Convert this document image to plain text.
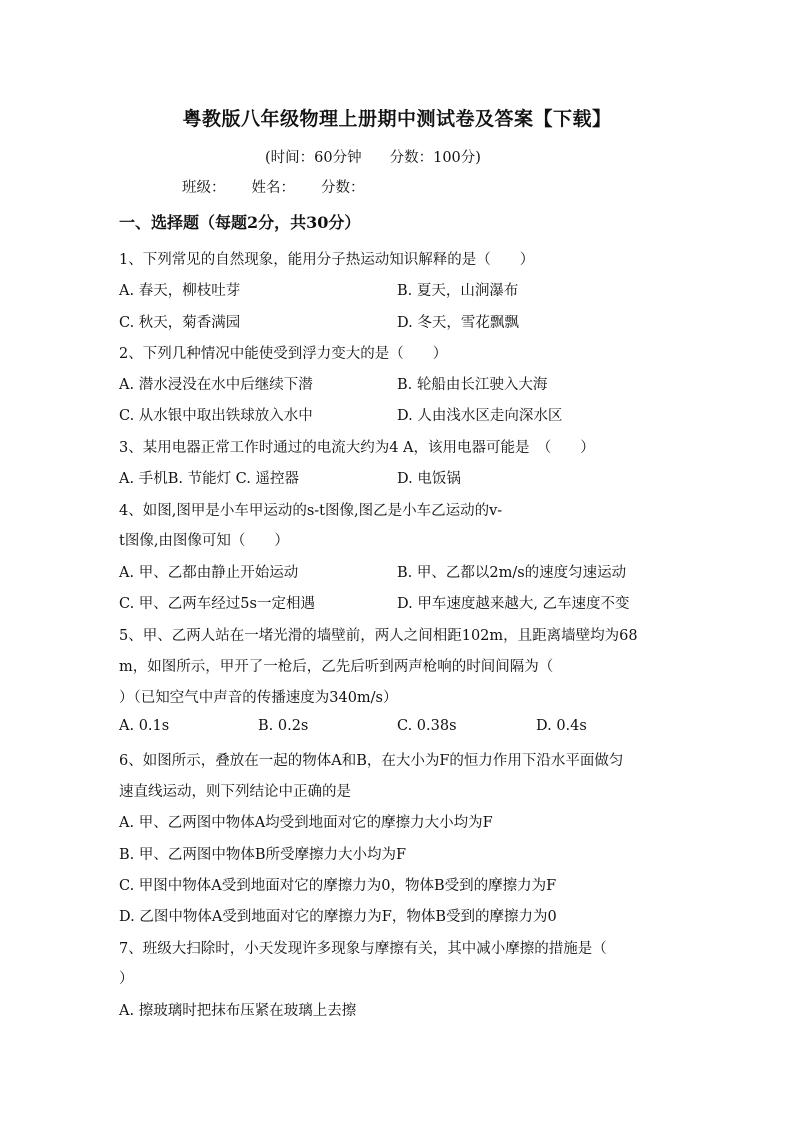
粤教版八年级物理上册期中测试卷及答案【下载】
(时间：60分钟 分数：100分)
班级： 姓名： 分数：
一、选择题（每题2分，共30分）
1、下列常见的自然现象，能用分子热运动知识解释的是（　　）
A. 春天，柳枝吐芽	B. 夏天，山涧瀑布
C. 秋天，菊香满园	D. 冬天，雪花飘飘
2、下列几种情况中能使受到浮力变大的是（　　）
A. 潜水浸没在水中后继续下潜	B. 轮船由长江驶入大海
C. 从水银中取出铁球放入水中	D. 人由浅水区走向深水区
3、某用电器正常工作时通过的电流大约为4 A，该用电器可能是　（　　）
A. 手机B. 节能灯 C. 遥控器	D. 电饭锅
4、如图,图甲是小车甲运动的s-t图像,图乙是小车乙运动的v-
t图像,由图像可知（　　）
A. 甲、乙都由静止开始运动	B. 甲、乙都以2m/s的速度匀速运动
C. 甲、乙两车经过5s一定相遇	D. 甲车速度越来越大, 乙车速度不变
5、甲、乙两人站在一堵光滑的墙壁前，两人之间相距102m，且距离墙壁均为68
m，如图所示，甲开了一枪后，乙先后听到两声枪响的时间间隔为（
）（已知空气中声音的传播速度为340m/s）
A. 0.1s	B. 0.2s	C. 0.38s	D. 0.4s
6、如图所示，叠放在一起的物体A和B，在大小为F的恒力作用下沿水平面做匀
速直线运动，则下列结论中正确的是
A. 甲、乙两图中物体A均受到地面对它的摩擦力大小均为F
B. 甲、乙两图中物体B所受摩擦力大小均为F
C. 甲图中物体A受到地面对它的摩擦力为0，物体B受到的摩擦力为F
D. 乙图中物体A受到地面对它的摩擦力为F，物体B受到的摩擦力为0
7、班级大扫除时，小天发现许多现象与摩擦有关，其中减小摩擦的措施是（
）
A. 擦玻璃时把抹布压紧在玻璃上去擦
